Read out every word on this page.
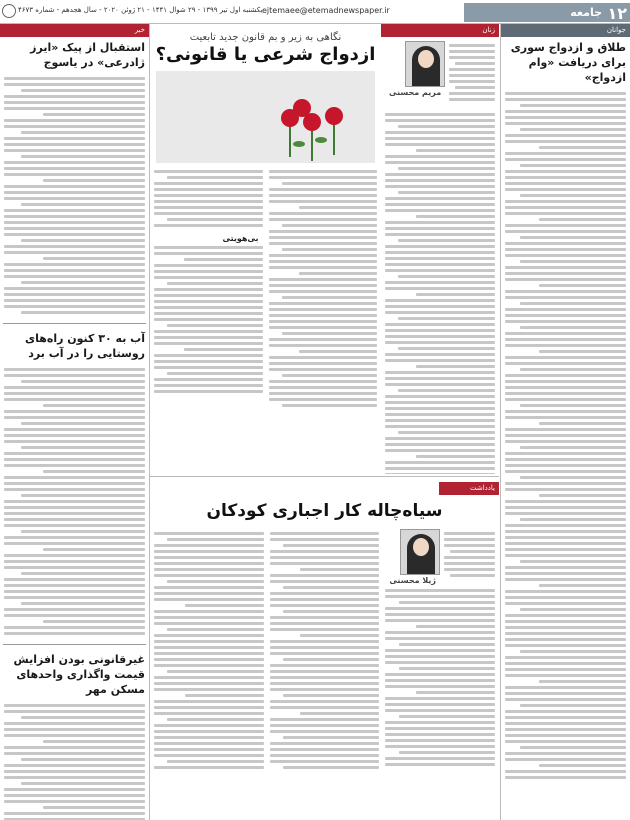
۱۲
جامعه
ejtemaee@etemadnewspaper.ir
یکشنبه اول تیر ۱۳۹۹ - ۲۹ شوال ۱۴۴۱ - ۲۱ ژوئن ۲۰۲۰ - سال هجدهم - شماره ۴۶۷۳
جوانان
طلاق و ازدواج سوری برای دریافت «وام ازدواج»
زنان
مریم محسنی
نگاهی به زیر و بم قانون جدید تابعیت
ازدواج شرعی یا قانونی؟
بی‌هویتی
خبر
استقبال از پیک «ایرز ژادرعی» در یاسوج
آب به ۳۰ کنون راه‌های روستایی را در آب برد
غیرقانونی بودن افزایش قیمت واگذاری واحدهای مسکن مهر
یادداشت
سیاه‌چاله کار اجباری کودکان
ژیلا محسنی
